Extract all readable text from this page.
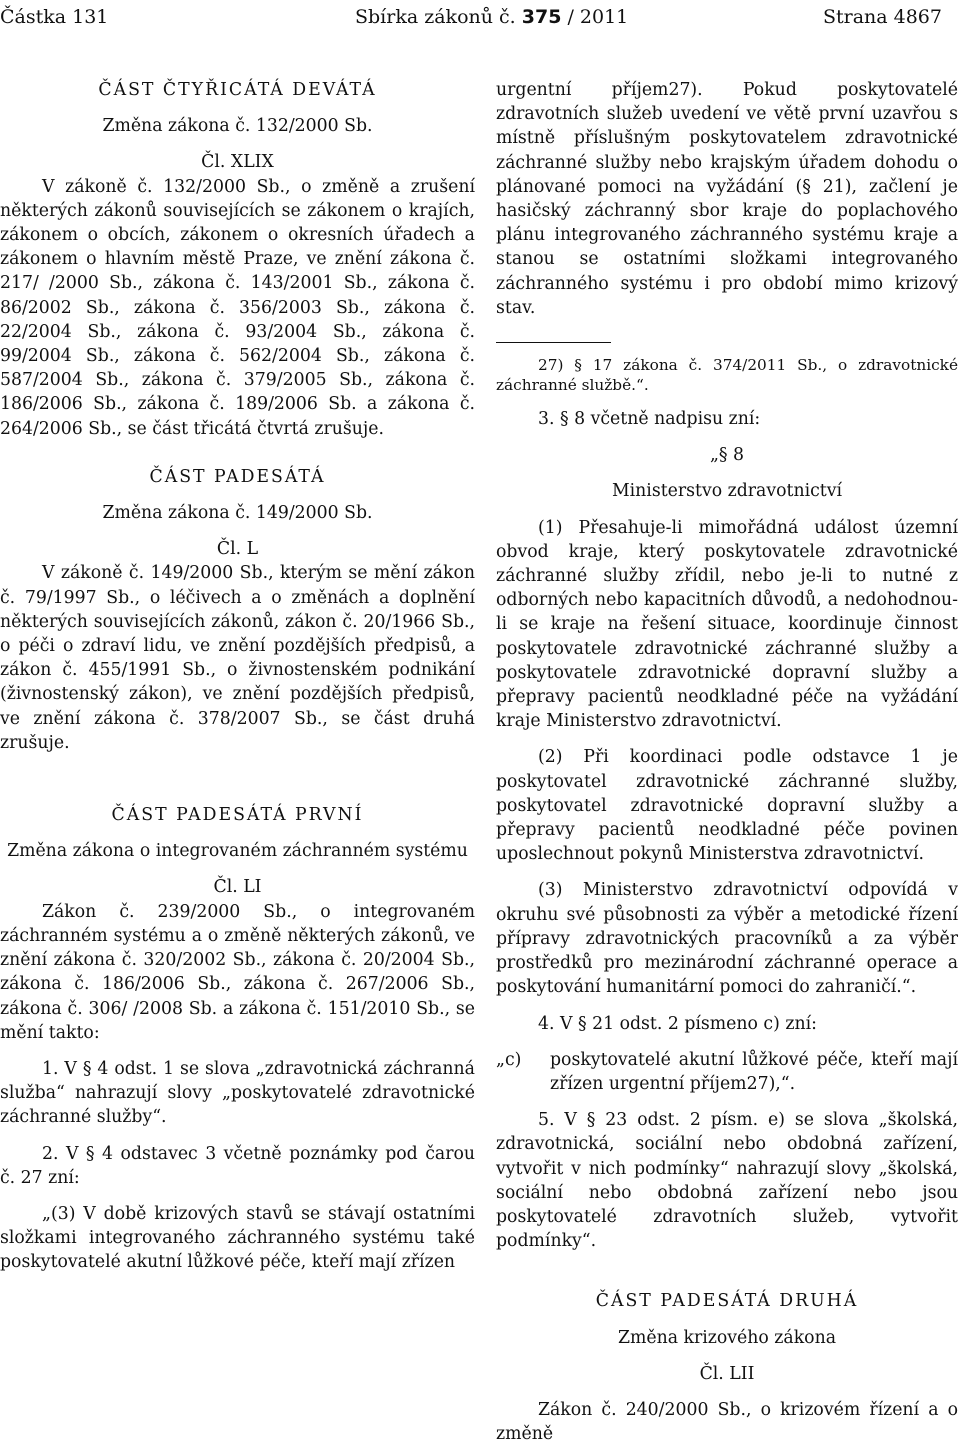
Částka 131	Sbírka zákonů č. 375 / 2011	Strana 4867

ČÁST ČTYŘICÁTÁ DEVÁTÁ

Změna zákona č. 132/2000 Sb.

Čl. XLIX

V zákoně č. 132/2000 Sb., o změně a zrušení některých zákonů souvisejících se zákonem o krajích, zákonem o obcích, zákonem o okresních úřadech a zákonem o hlavním městě Praze, ve znění zákona č. 217/ /2000 Sb., zákona č. 143/2001 Sb., zákona č. 86/2002 Sb., zákona č. 356/2003 Sb., zákona č. 22/2004 Sb., zákona č. 93/2004 Sb., zákona č. 99/2004 Sb., zákona č. 562/2004 Sb., zákona č. 587/2004 Sb., zákona č. 379/2005 Sb., zákona č. 186/2006 Sb., zákona č. 189/2006 Sb. a zákona č. 264/2006 Sb., se část třicátá čtvrtá zrušuje.

ČÁST PADESÁTÁ

Změna zákona č. 149/2000 Sb.

Čl. L

V zákoně č. 149/2000 Sb., kterým se mění zákon č. 79/1997 Sb., o léčivech a o změnách a doplnění některých souvisejících zákonů, zákon č. 20/1966 Sb., o péči o zdraví lidu, ve znění pozdějších předpisů, a zákon č. 455/1991 Sb., o živnostenském podnikání (živnostenský zákon), ve znění pozdějších předpisů, ve znění zákona č. 378/2007 Sb., se část druhá zrušuje.

ČÁST PADESÁTÁ PRVNÍ

Změna zákona o integrovaném záchranném systému

Čl. LI

Zákon č. 239/2000 Sb., o integrovaném záchranném systému a o změně některých zákonů, ve znění zákona č. 320/2002 Sb., zákona č. 20/2004 Sb., zákona č. 186/2006 Sb., zákona č. 267/2006 Sb., zákona č. 306/ /2008 Sb. a zákona č. 151/2010 Sb., se mění takto:

1. V § 4 odst. 1 se slova „zdravotnická záchranná služba“ nahrazují slovy „poskytovatelé zdravotnické záchranné služby“.

2. V § 4 odstavec 3 včetně poznámky pod čarou č. 27 zní:

„(3) V době krizových stavů se stávají ostatními složkami integrovaného záchranného systému také poskytovatelé akutní lůžkové péče, kteří mají zřízen

urgentní příjem27). Pokud poskytovatelé zdravotních služeb uvedení ve větě první uzavřou s místně příslušným poskytovatelem zdravotnické záchranné služby nebo krajským úřadem dohodu o plánované pomoci na vyžádání (§ 21), začlení je hasičský záchranný sbor kraje do poplachového plánu integrovaného záchranného systému kraje a stanou se ostatními složkami integrovaného záchranného systému i pro období mimo krizový stav.

27) § 17 zákona č. 374/2011 Sb., o zdravotnické záchranné službě.“.

3. § 8 včetně nadpisu zní:

„§ 8

Ministerstvo zdravotnictví

(1) Přesahuje-li mimořádná událost územní obvod kraje, který poskytovatele zdravotnické záchranné služby zřídil, nebo je-li to nutné z odborných nebo kapacitních důvodů, a nedohodnou-li se kraje na řešení situace, koordinuje činnost poskytovatele zdravotnické záchranné služby a poskytovatele zdravotnické dopravní služby a přepravy pacientů neodkladné péče na vyžádání kraje Ministerstvo zdravotnictví.

(2) Při koordinaci podle odstavce 1 je poskytovatel zdravotnické záchranné služby, poskytovatel zdravotnické dopravní služby a přepravy pacientů neodkladné péče povinen uposlechnout pokynů Ministerstva zdravotnictví.

(3) Ministerstvo zdravotnictví odpovídá v okruhu své působnosti za výběr a metodické řízení přípravy zdravotnických pracovníků a za výběr prostředků pro mezinárodní záchranné operace a poskytování humanitární pomoci do zahraničí.“.

4. V § 21 odst. 2 písmeno c) zní:

„c)	poskytovatelé akutní lůžkové péče, kteří mají zřízen urgentní příjem27),“.

5. V § 23 odst. 2 písm. e) se slova „školská, zdravotnická, sociální nebo obdobná zařízení, vytvořit v nich podmínky“ nahrazují slovy „školská, sociální nebo obdobná zařízení nebo jsou poskytovatelé zdravotních služeb, vytvořit podmínky“.

ČÁST PADESÁTÁ DRUHÁ

Změna krizového zákona

Čl. LII

Zákon č. 240/2000 Sb., o krizovém řízení a o změně
